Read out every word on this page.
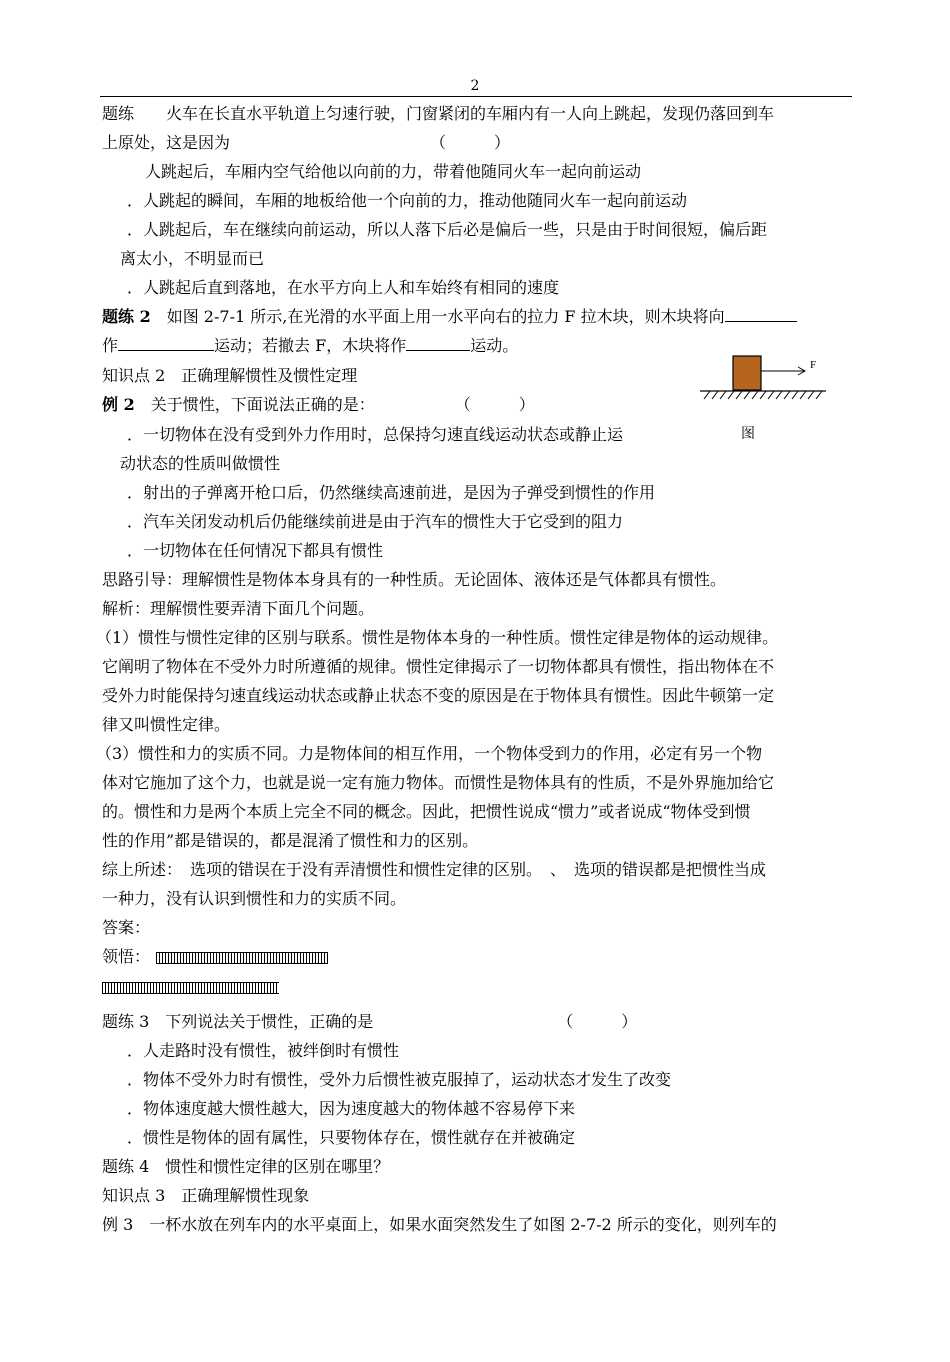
2
题练　　火车在长直水平轨道上匀速行驶，门窗紧闭的车厢内有一人向上跳起，发现仍落回到车
上原处，这是因为　　　　　　　　　　　　　（　　　）
人跳起后，车厢内空气给他以向前的力，带着他随同火车一起向前运动
．人跳起的瞬间，车厢的地板给他一个向前的力，推动他随同火车一起向前运动
．人跳起后，车在继续向前运动，所以人落下后必是偏后一些，只是由于时间很短，偏后距
离太小，不明显而已
．人跳起后直到落地，在水平方向上人和车始终有相同的速度
题练 2　如图 2-7-1 所示,在光滑的水平面上用一水平向右的拉力 F 拉木块，则木块将向
作	运动；若撤去 F，木块将作	运动。
知识点 2　正确理解惯性及惯性定理
例 2　关于惯性，下面说法正确的是：　　　　　　（　　　）
．一切物体在没有受到外力作用时，总保持匀速直线运动状态或静止运
动状态的性质叫做惯性
．射出的子弹离开枪口后，仍然继续高速前进，是因为子弹受到惯性的作用
．汽车关闭发动机后仍能继续前进是由于汽车的惯性大于它受到的阻力
．一切物体在任何情况下都具有惯性
F
图
思路引导：理解惯性是物体本身具有的一种性质。无论固体、液体还是气体都具有惯性。
解析：理解惯性要弄清下面几个问题。
（1）惯性与惯性定律的区别与联系。惯性是物体本身的一种性质。惯性定律是物体的运动规律。
它阐明了物体在不受外力时所遵循的规律。惯性定律揭示了一切物体都具有惯性，指出物体在不
受外力时能保持匀速直线运动状态或静止状态不变的原因是在于物体具有惯性。因此牛顿第一定
律又叫惯性定律。
（3）惯性和力的实质不同。力是物体间的相互作用，一个物体受到力的作用，必定有另一个物
体对它施加了这个力，也就是说一定有施力物体。而惯性是物体具有的性质，不是外界施加给它
的。惯性和力是两个本质上完全不同的概念。因此，把惯性说成“惯力”或者说成“物体受到惯
性的作用”都是错误的，都是混淆了惯性和力的区别。
综上所述：　选项的错误在于没有弄清惯性和惯性定律的区别。　、　选项的错误都是把惯性当成
一种力，没有认识到惯性和力的实质不同。
答案：
领悟：
题练 3　下列说法关于惯性，正确的是　　　　　　　　　　　　（　　　）
．人走路时没有惯性，被绊倒时有惯性
．物体不受外力时有惯性，受外力后惯性被克服掉了，运动状态才发生了改变
．物体速度越大惯性越大，因为速度越大的物体越不容易停下来
．惯性是物体的固有属性，只要物体存在，惯性就存在并被确定
题练 4　惯性和惯性定律的区别在哪里？
知识点 3　正确理解惯性现象
例 3　一杯水放在列车内的水平桌面上，如果水面突然发生了如图 2-7-2 所示的变化，则列车的
